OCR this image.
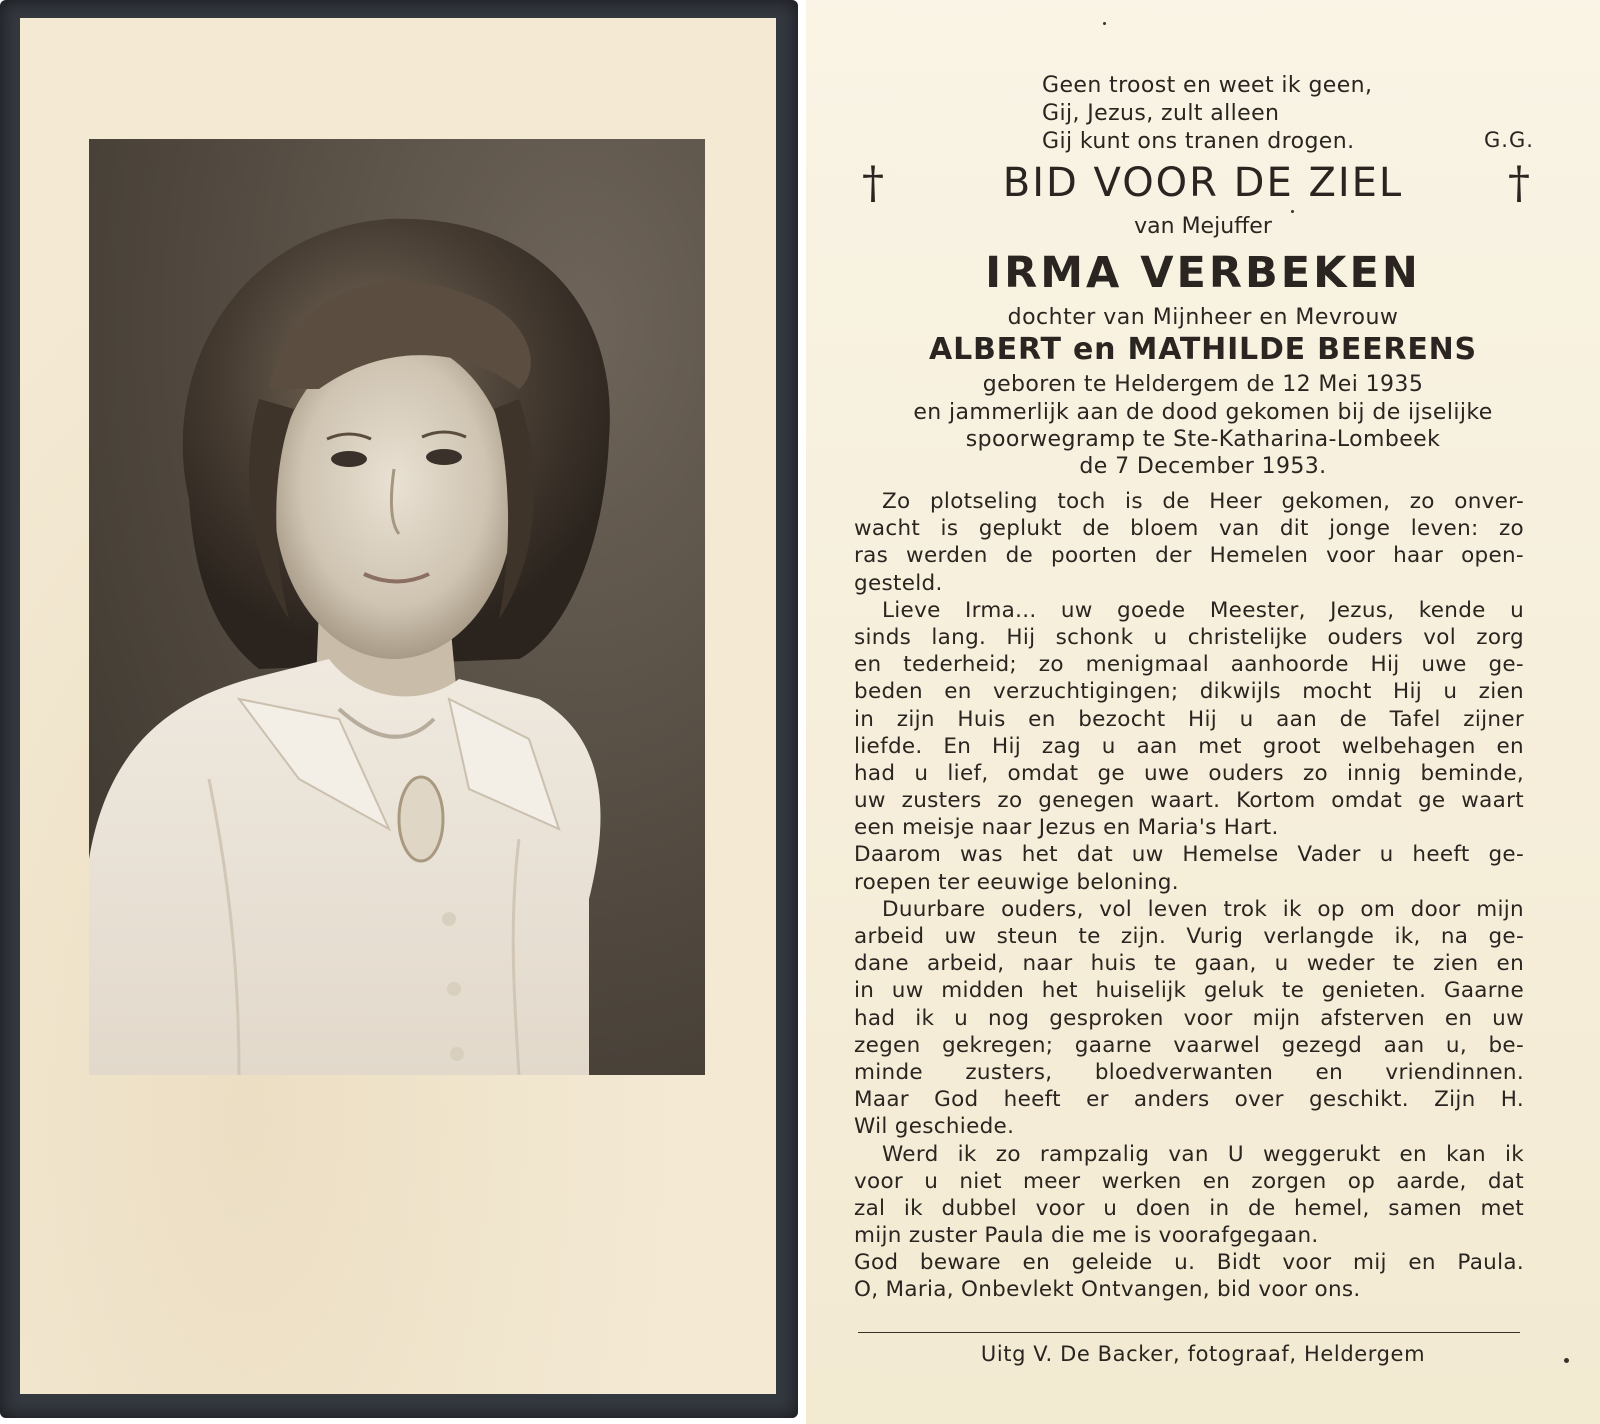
Geen troost en weet ik geen,
Gij, Jezus, zult alleen
Gij kunt ons tranen drogen.	G.G.
†	BID VOOR DE ZIEL	†
van Mejuffer
IRMA VERBEKEN
dochter van Mijnheer en Mevrouw
ALBERT en MATHILDE BEERENS
geboren te Heldergem de 12 Mei 1935
en jammerlijk aan de dood gekomen bij de ijselijke
spoorwegramp te Ste-Katharina-Lombeek
de 7 December 1953.
Zo plotseling toch is de Heer gekomen, zo onver-
wacht is geplukt de bloem van dit jonge leven: zo
ras werden de poorten der Hemelen voor haar open-
gesteld.
Lieve Irma... uw goede Meester, Jezus, kende u
sinds lang. Hij schonk u christelijke ouders vol zorg
en tederheid; zo menigmaal aanhoorde Hij uwe ge-
beden en verzuchtigingen; dikwijls mocht Hij u zien
in zijn Huis en bezocht Hij u aan de Tafel zijner
liefde. En Hij zag u aan met groot welbehagen en
had u lief, omdat ge uwe ouders zo innig beminde,
uw zusters zo genegen waart. Kortom omdat ge waart
een meisje naar Jezus en Maria's Hart.
Daarom was het dat uw Hemelse Vader u heeft ge-
roepen ter eeuwige beloning.
Duurbare ouders, vol leven trok ik op om door mijn
arbeid uw steun te zijn. Vurig verlangde ik, na ge-
dane arbeid, naar huis te gaan, u weder te zien en
in uw midden het huiselijk geluk te genieten. Gaarne
had ik u nog gesproken voor mijn afsterven en uw
zegen gekregen; gaarne vaarwel gezegd aan u, be-
minde zusters, bloedverwanten en vriendinnen.
Maar God heeft er anders over geschikt. Zijn H.
Wil geschiede.
Werd ik zo rampzalig van U weggerukt en kan ik
voor u niet meer werken en zorgen op aarde, dat
zal ik dubbel voor u doen in de hemel, samen met
mijn zuster Paula die me is voorafgegaan.
God beware en geleide u. Bidt voor mij en Paula.
O, Maria, Onbevlekt Ontvangen, bid voor ons.
Uitg V. De Backer, fotograaf, Heldergem
